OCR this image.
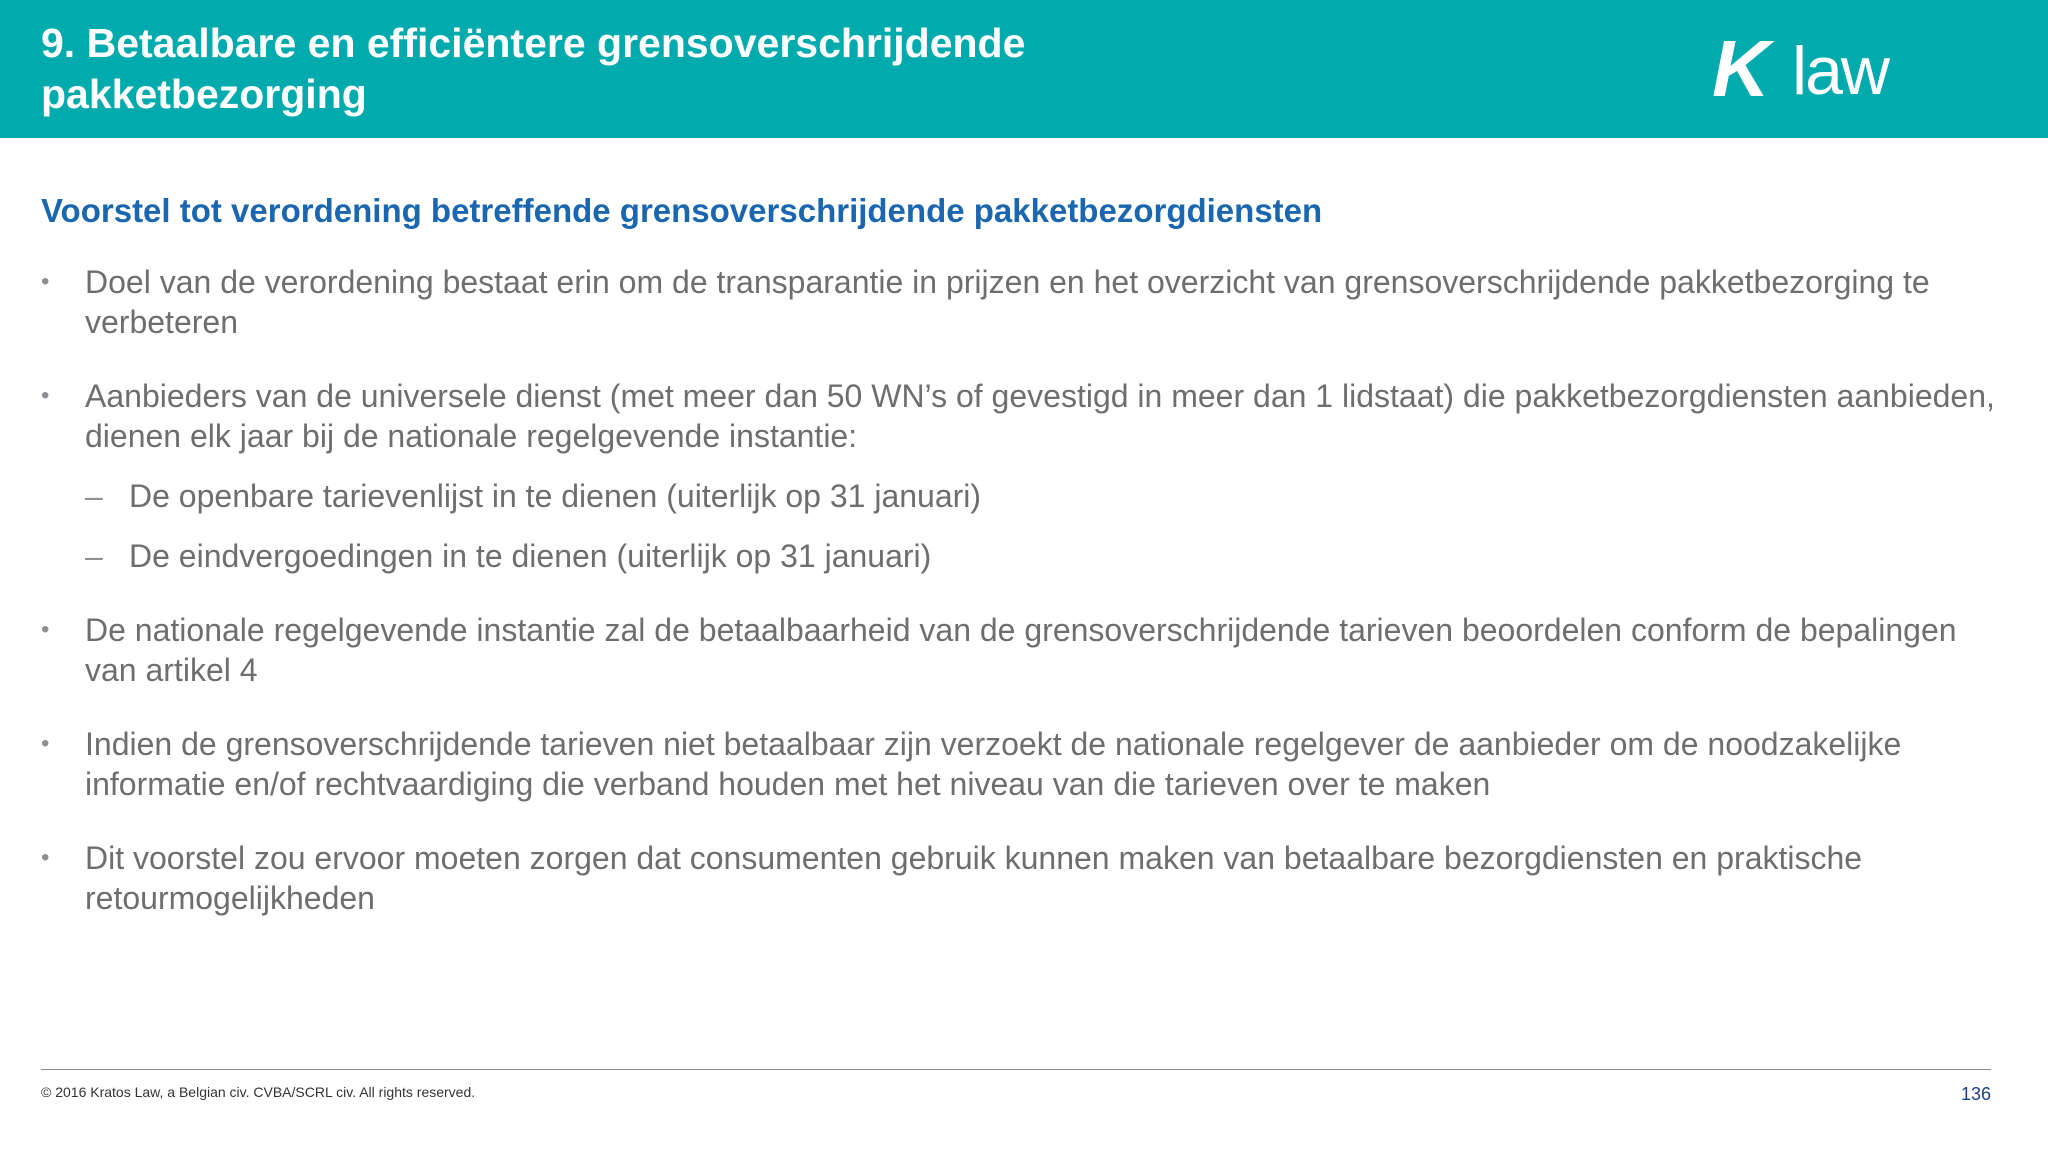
9. Betaalbare en efficiëntere grensoverschrijdende pakketbezorging	K law
Voorstel tot verordening betreffende grensoverschrijdende pakketbezorgdiensten
• Doel van de verordening bestaat erin om de transparantie in prijzen en het overzicht van grensoverschrijdende pakketbezorging te verbeteren
• Aanbieders van de universele dienst (met meer dan 50 WN’s of gevestigd in meer dan 1 lidstaat) die pakketbezorgdiensten aanbieden, dienen elk jaar bij de nationale regelgevende instantie:
– De openbare tarievenlijst in te dienen (uiterlijk op 31 januari)
– De eindvergoedingen in te dienen (uiterlijk op 31 januari)
• De nationale regelgevende instantie zal de betaalbaarheid van de grensoverschrijdende tarieven beoordelen conform de bepalingen van artikel 4
• Indien de grensoverschrijdende tarieven niet betaalbaar zijn verzoekt de nationale regelgever de aanbieder om de noodzakelijke informatie en/of rechtvaardiging die verband houden met het niveau van die tarieven over te maken
• Dit voorstel zou ervoor moeten zorgen dat consumenten gebruik kunnen maken van betaalbare bezorgdiensten en praktische retourmogelijkheden
© 2016 Kratos Law, a Belgian civ. CVBA/SCRL civ. All rights reserved.	136
